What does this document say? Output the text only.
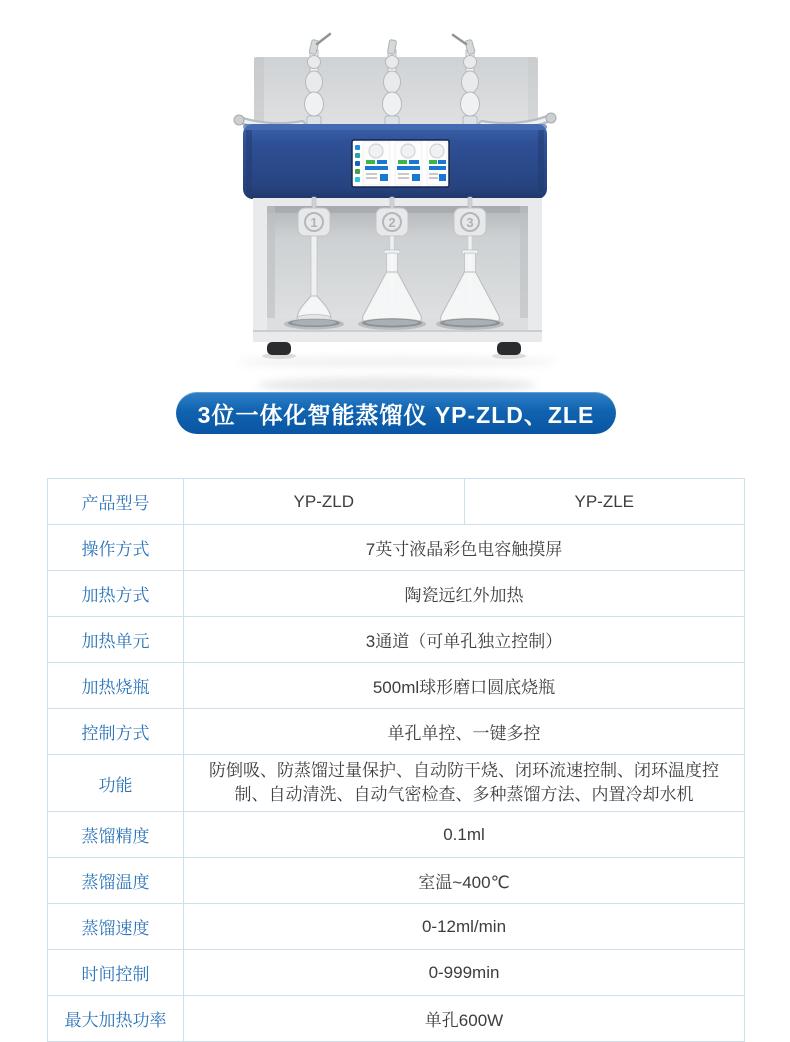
1	2	3
3位一体化智能蒸馏仪 YP-ZLD、ZLE
产品型号	YP-ZLD	YP-ZLE
操作方式	7英寸液晶彩色电容触摸屏	
加热方式	陶瓷远红外加热	
加热单元	3通道（可单孔独立控制）	
加热烧瓶	500ml球形磨口圆底烧瓶	
控制方式	单孔单控、一键多控	
功能	防倒吸、防蒸馏过量保护、自动防干烧、闭环流速控制、闭环温度控制、自动清洗、自动气密检查、多种蒸馏方法、内置冷却水机	
蒸馏精度	0.1ml	
蒸馏温度	室温~400℃	
蒸馏速度	0-12ml/min	
时间控制	0-999min	
最大加热功率	单孔600W	
